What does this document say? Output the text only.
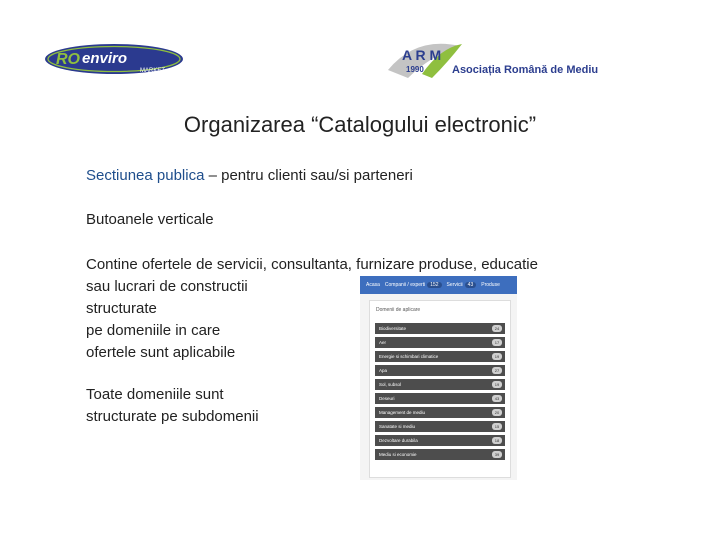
RO enviro
MARKET
A R M
1990	Asociația Română de Mediu
Organizarea “Catalogului electronic”
Sectiunea publica – pentru clienti sau/si parteneri
Butoanele verticale
Contine ofertele de servicii, consultanta, furnizare produse, educatie
sau lucrari de constructii
structurate
pe domeniile in care
ofertele sunt aplicabile
Toate domeniile sunt
structurate pe subdomenii
Acasa Companii / experti 152	Servicii 43	Produse
Domenii de aplicare
Biodiversitate	24
Aer	17
Energie si schimbari climatice	19
Apa	27
Sol, subsol	19
Deseuri	43
Management de mediu	20
Sanatate si mediu	15
Dezvoltare durabila	18
Mediu si economie	39
